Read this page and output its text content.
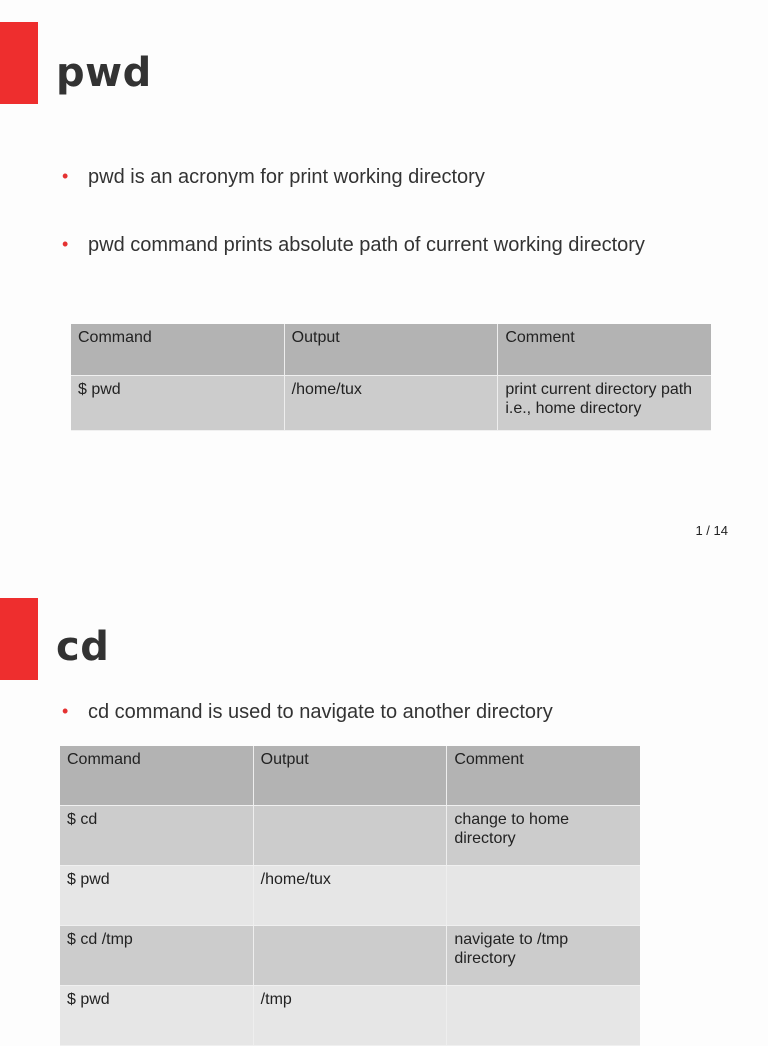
pwd
• pwd is an acronym for print working directory
• pwd command prints absolute path of current working directory
Command	Output	Comment
$ pwd	/home/tux	print current directory path i.e., home directory
1 / 14
cd
• cd command is used to navigate to another directory
Command	Output	Comment
$ cd		change to home directory
$ pwd	/home/tux	
$ cd /tmp		navigate to /tmp directory
$ pwd	/tmp	
